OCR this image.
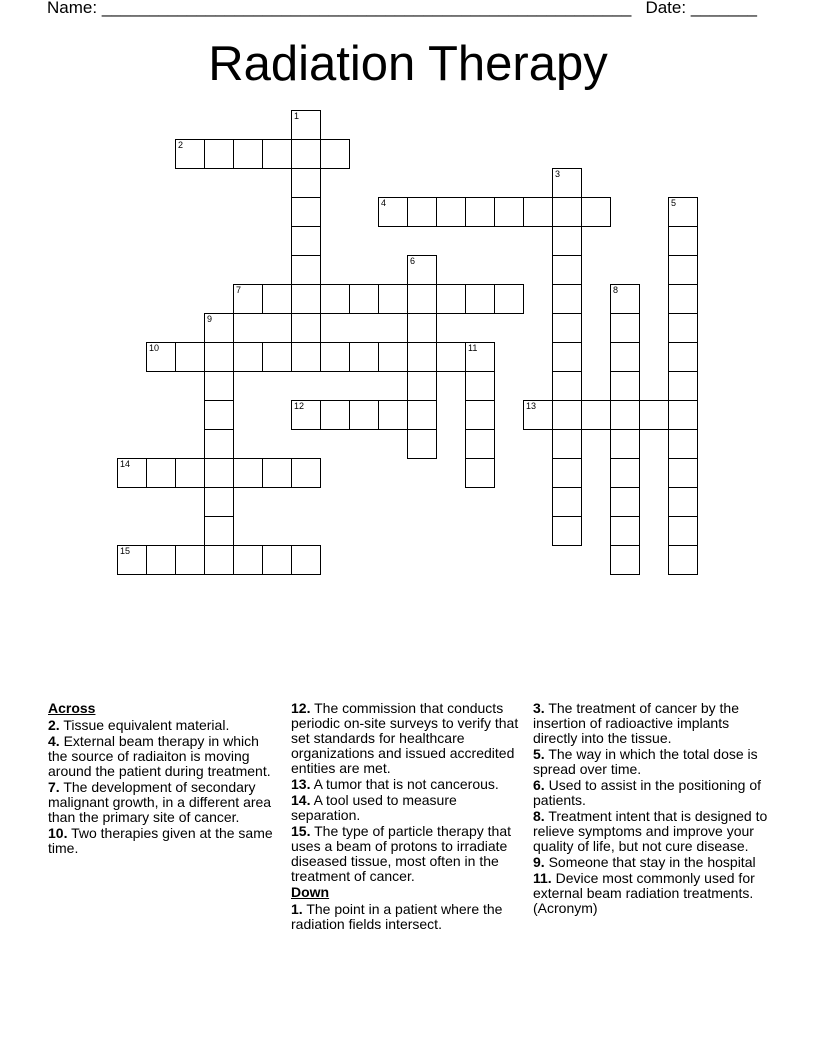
Name: ________________________________________________________ Date: _______
Radiation Therapy
2
4
7
10
12	13
14
15
1
3
5
6
8
9
11

Across

2. Tissue equivalent material.

4. External beam therapy in which the source of radiaiton is moving around the patient during treatment.

7. The development of secondary malignant growth, in a different area than the primary site of cancer.

10. Two therapies given at the same time.

12. The commission that conducts periodic on-site surveys to verify that set standards for healthcare organizations and issued accredited entities are met.

13. A tumor that is not cancerous.

14. A tool used to measure separation.

15. The type of particle therapy that uses a beam of protons to irradiate diseased tissue, most often in the treatment of cancer.

Down

1. The point in a patient where the radiation fields intersect.

3. The treatment of cancer by the insertion of radioactive implants directly into the tissue.

5. The way in which the total dose is spread over time.

6. Used to assist in the positioning of patients.

8. Treatment intent that is designed to relieve symptoms and improve your quality of life, but not cure disease.

9. Someone that stay in the hospital

11. Device most commonly used for external beam radiation treatments. (Acronym)
